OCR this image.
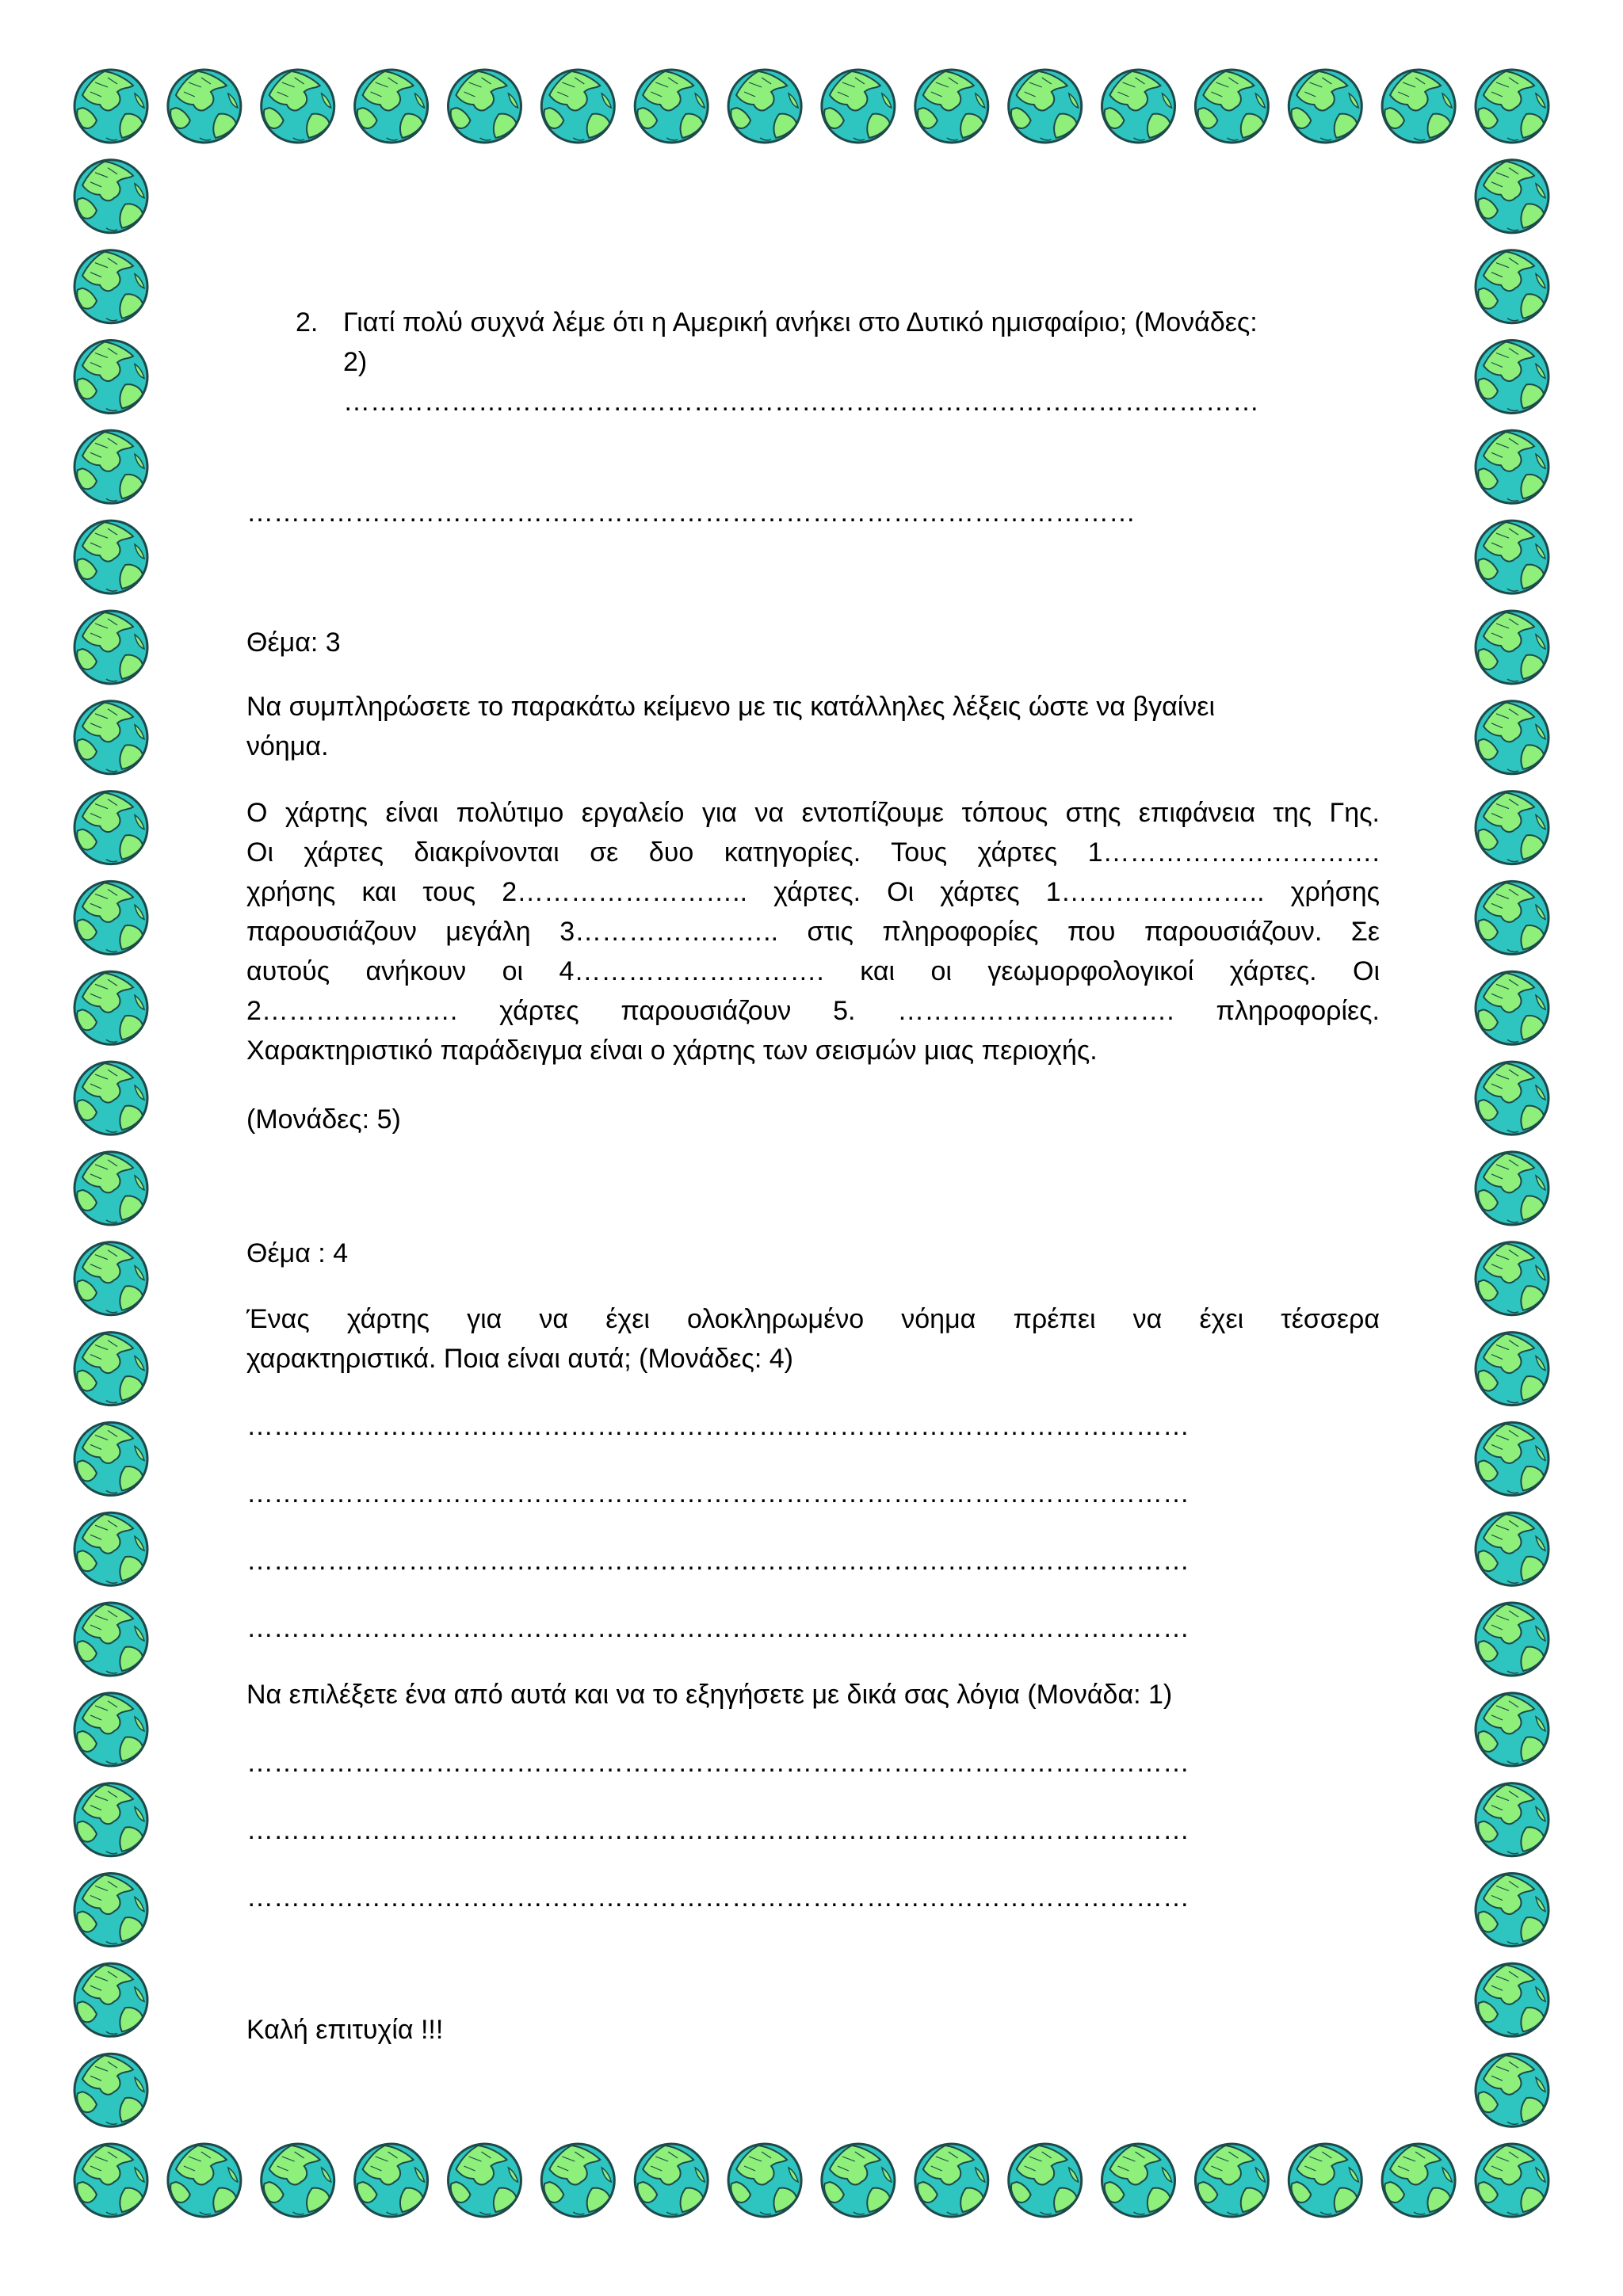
2. Γιατί πολύ συχνά λέμε ότι η Αμερική ανήκει στο Δυτικό ημισφαίριο; (Μονάδες:
2)
…………………………………………………………………………………………
………………………………………………………………………………………
Θέμα: 3
Να συμπληρώσετε το παρακάτω κείμενο με τις κατάλληλες λέξεις ώστε να βγαίνει
νόημα.
Ο χάρτης είναι πολύτιμο εργαλείο για να εντοπίζουμε τόπους στης επιφάνεια της Γης.
Οι χάρτες διακρίνονται σε δυο κατηγορίες. Τους χάρτες 1………………………….
χρήσης και τους 2…………………….. χάρτες. Οι χάρτες 1………………….. χρήσης
παρουσιάζουν μεγάλη 3………………….. στις πληροφορίες που παρουσιάζουν. Σε
αυτούς ανήκουν οι 4………………………. και οι γεωμορφολογικοί χάρτες. Οι
2…………………. χάρτες παρουσιάζουν 5. …………………………. πληροφορίες.
Χαρακτηριστικό παράδειγμα είναι ο χάρτης των σεισμών μιας περιοχής.
(Μονάδες: 5)
Θέμα : 4
Ένας χάρτης για να έχει ολοκληρωμένο νόημα πρέπει να έχει τέσσερα
χαρακτηριστικά. Ποια είναι αυτά; (Μονάδες: 4)
……………………………………………………………………………………………
……………………………………………………………………………………………
……………………………………………………………………………………………
……………………………………………………………………………………………
Να επιλέξετε ένα από αυτά και να το εξηγήσετε με δικά σας λόγια (Μονάδα: 1)
……………………………………………………………………………………………
……………………………………………………………………………………………
……………………………………………………………………………………………
Καλή επιτυχία !!!
